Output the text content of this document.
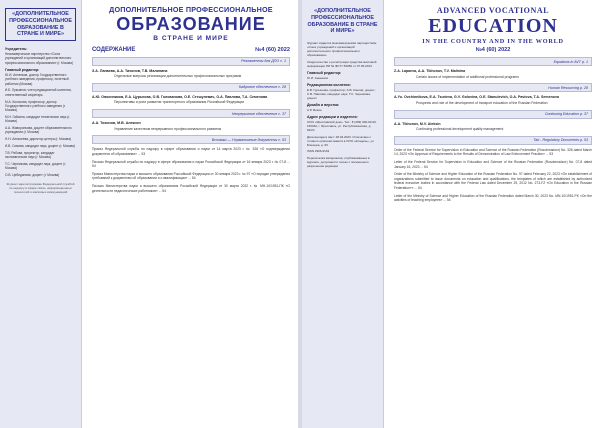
«ДОПОЛНИТЕЛЬНОЕ ПРОФЕССИОНАЛЬНОЕ ОБРАЗОВАНИЕ В СТРАНЕ И МИРЕ»
Учредитель:
Некоммерческое партнерство «Союз учреждений и организаций дополнительного профессионального образования» (г. Москва)
Главный редактор:
Ю.И. Анненков, доктор Государственного учебного заведения, профессор, почетный работник (Москва)
И.Б. Лукьянов, член редакционной коллегии, ответственный секретарь
М.А. Колосова, профессор, доктор Государственного учебного заведения (г. Москва)
М.Н. Гайсина, кандидат технических наук (г. Москва)
А.А. Жаворонкова, доцент образовательного учреждения (г. Москва)
Н.Н. Алексеева, директор центра (г. Москва)
И.В. Сомова, кандидат наук, доцент (г. Москва)
Т.В. Рябова, проректор, кандидат экономических наук (г. Москва)
Т.С. Черникова, кандидат наук, доцент (г. Москва)
О.В. Цебиданова, доцент (г. Москва)
Журнал зарегистрирован Федеральной службой по надзору в сфере связи, информационных технологий и массовых коммуникаций
ДОПОЛНИТЕЛЬНОЕ ПРОФЕССИОНАЛЬНОЕ
ОБРАЗОВАНИЕ
В СТРАНЕ И МИРЕ
СОДЕРЖАНИЕ	№4 (60) 2022
Регламенты для ДПО с. 1
З.А. Лапаева, А.А. Тихонов, Т.В. Малинина
Отдельные вопросы реализации дополнительных профессиональных программ
Кадровое обеспечение с. 28
А.Ю. Овчинников, Е.А. Цурьнова, О.В. Голованова, О.Е. Стешулевич, О.А. Павлова, Т.А. Семенова
Перспективы и роли развития транспортного образования Российской Федерации
Непрерывное обеспечение с. 37
А.А. Тихонов, М.В. Алексин
Управление качеством непрерывного профессионального развития
Вставки — Нормативные документы с. 53
Приказ Федеральной службы по надзору в сфере образования и науки от 14 марта 2023 г. № 326 «О подтверждении документов об образовании» ... 53
Письмо Федеральной службы по надзору в сфере образования и науки Российской Федерации от 16 января 2023 г. № 07-8 ... 54
Приказ Министерства науки и высшего образования Российской Федерации от 30 января 2023 г. № 97 «О порядке утверждения требований к документам об образовании и о квалификации» ... 54
Письмо Министерства науки и высшего образования Российской Федерации от 30 марта 2022 г. № МН-10/1951-ПК «О деятельности педагогических работников» ... 54
«ДОПОЛНИТЕЛЬНОЕ ПРОФЕССИОНАЛЬНОЕ ОБРАЗОВАНИЕ В СТРАНЕ И МИРЕ»
Журнал издается Некоммерческим партнерством «Союз учреждений и организаций дополнительного профессионального образования»
Свидетельство о регистрации средства массовой информации ПИ № ФС77-53950 от 07.05.2013
Главный редактор:
Ю.И. Анненков
Редакционная коллегия:
Е.В. Гурьянова, профессор; А.В. Конина, доцент; С.В. Павлова, кандидат наук; Т.С. Черникова, доцент
Дизайн и верстка:
А.Р. Фокин
Адрес редакции и издателя:
ООО «Ярославский дом». Тел.: 8 (499) 000-00-00. 150040, г. Ярославль, ул. Республиканская, д. 62/24
Дата выхода в свет: 28.04.2023. Отпечатано с готового оригинал-макета в ООО «Кладезь», ул. Блюхера, д. 60
ISSN 2306-9163
Перепечатка материалов, опубликованных в журнале, допускается только с письменного разрешения редакции
ADVANCED VOCATIONAL
EDUCATION
IN THE COUNTRY AND IN THE WORLD
№4 (60) 2022
Equations in AVT p. 1
Z.A. Lapaeva, A.A. Tikhonov, T.V. Malinina
Certain issues of implementation of additional professional programs
Human Resourcing p. 28
A.Yu. Ovchinnikova, E.A. Tsurieva, G.V. Golovina, O.E. Stanulevich, O.A. Pavlova, T.A. Semenova
Prospects and role of the development of transport education of the Russian Federation
Continuing Education p. 37
A.A. Tikhonov, M.V. Aleksin
Continuing professional development quality management
Tab - Regulatory Documents p. 53
Order of the Federal Service for Supervision in Education and Science of the Russian Federation (Rosobrnadzor) No. 326 dated March 14, 2023 «On Approval of Requirements to the Results of Demonstration of Law Enforcement Practice» ... 53
Letter of the Federal Service for Supervision in Education and Science of the Russian Federation (Rosobrnadzor) No. 07-8 dated January 16, 2023 ... 54
Order of the Ministry of Science and Higher Education of the Russian Federation No. 97 dated February 22, 2023 «On establishment of organizations submitted to issue documents on education and qualifications, the templates of which are established by authorized federal executive bodies in accordance with the Federal Law dated December 29, 2012 No. 273-FZ «On Education in the Russian Federation»» ... 54
Letter of the Ministry of Science and Higher Education of the Russian Federation dated March 30, 2023 No. MN-10/1951-PK «On the activities of teaching employees» ... 54
